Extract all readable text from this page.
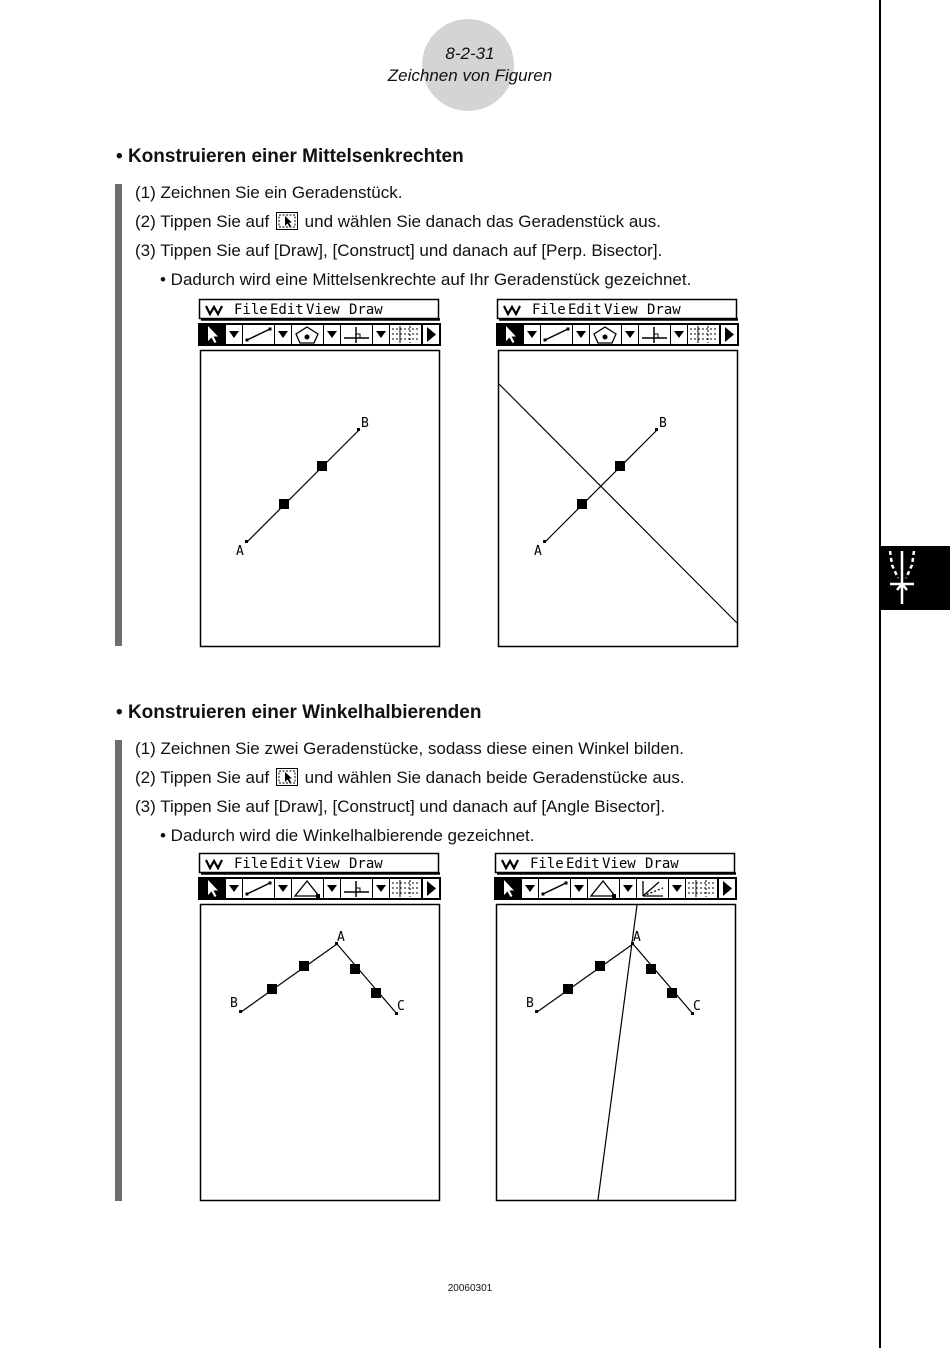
8-2-31
Zeichnen von Figuren
• Konstruieren einer Mittelsenkrechten
(1) Zeichnen Sie ein Geradenstück.
(2) Tippen Sie auf und wählen Sie danach das Geradenstück aus.
(3) Tippen Sie auf [Draw], [Construct] und danach auf [Perp. Bisector].
• Dadurch wird eine Mittelsenkrechte auf Ihr Geradenstück gezeichnet.
File Edit View Draw
A
B
File Edit View Draw
A
B
• Konstruieren einer Winkelhalbierenden
(1) Zeichnen Sie zwei Geradenstücke, sodass diese einen Winkel bilden.
(2) Tippen Sie auf und wählen Sie danach beide Geradenstücke aus.
(3) Tippen Sie auf [Draw], [Construct] und danach auf [Angle Bisector].
• Dadurch wird die Winkelhalbierende gezeichnet.
File Edit View Draw
A
B	C
File Edit View Draw
A
B	C
20060301
